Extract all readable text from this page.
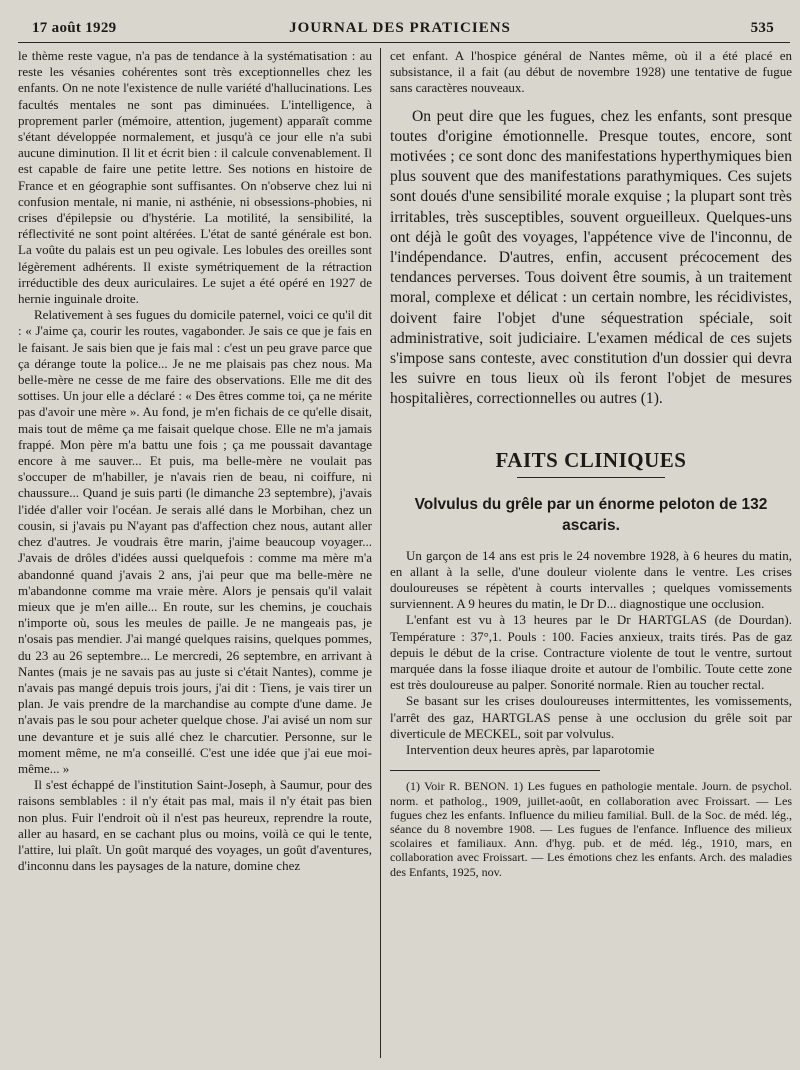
17 août 1929	JOURNAL DES PRATICIENS	535

le thème reste vague, n'a pas de tendance à la systématisation : au reste les vésanies cohérentes sont très exceptionnelles chez les enfants. On ne note l'existence de nulle variété d'hallucinations. Les facultés mentales ne sont pas diminuées. L'intelligence, à proprement parler (mémoire, attention, jugement) apparaît comme s'étant développée normalement, et jusqu'à ce jour elle n'a subi aucune diminution. Il lit et écrit bien : il calcule convenablement. Il est capable de faire une petite lettre. Ses notions en histoire de France et en géographie sont suffisantes. On n'observe chez lui ni confusion mentale, ni manie, ni asthénie, ni obsessions-phobies, ni crises d'épilepsie ou d'hystérie. La motilité, la sensibilité, la réflectivité ne sont point altérées. L'état de santé générale est bon. La voûte du palais est un peu ogivale. Les lobules des oreilles sont légèrement adhérents. Il existe symétriquement de la rétraction irréductible des deux auriculaires. Le sujet a été opéré en 1927 de hernie inguinale droite.

Relativement à ses fugues du domicile paternel, voici ce qu'il dit : « J'aime ça, courir les routes, vagabonder. Je sais ce que je fais en le faisant. Je sais bien que je fais mal : c'est un peu grave parce que ça dérange toute la police... Je ne me plaisais pas chez nous. Ma belle-mère ne cesse de me faire des observations. Elle me dit des sottises. Un jour elle a déclaré : « Des êtres comme toi, ça ne mérite pas d'avoir une mère ». Au fond, je m'en fichais de ce qu'elle disait, mais tout de même ça me faisait quelque chose. Elle ne m'a jamais frappé. Mon père m'a battu une fois ; ça me poussait davantage encore à me sauver... Et puis, ma belle-mère ne voulait pas s'occuper de m'habiller, je n'avais rien de beau, ni coiffure, ni chaussure... Quand je suis parti (le dimanche 23 septembre), j'avais l'idée d'aller voir l'océan. Je serais allé dans le Morbihan, chez un cousin, si j'avais pu N'ayant pas d'affection chez nous, autant aller chez d'autres. Je voudrais être marin, j'aime beaucoup voyager... J'avais de drôles d'idées aussi quelquefois : comme ma mère m'a abandonné quand j'avais 2 ans, j'ai peur que ma belle-mère ne m'abandonne comme ma vraie mère. Alors je pensais qu'il valait mieux que je m'en aille... En route, sur les chemins, je couchais n'importe où, sous les meules de paille. Je ne mangeais pas, je n'osais pas mendier. J'ai mangé quelques raisins, quelques pommes, du 23 au 26 septembre... Le mercredi, 26 septembre, en arrivant à Nantes (mais je ne savais pas au juste si c'était Nantes), comme je n'avais pas mangé depuis trois jours, j'ai dit : Tiens, je vais tirer un plan. Je vais prendre de la marchandise au compte d'une dame. Je n'avais pas le sou pour acheter quelque chose. J'ai avisé un nom sur une devanture et je suis allé chez le charcutier. Personne, sur le moment même, ne m'a conseillé. C'est une idée que j'ai eue moi-même... »

Il s'est échappé de l'institution Saint-Joseph, à Saumur, pour des raisons semblables : il n'y était pas mal, mais il n'y était pas bien non plus. Fuir l'endroit où il n'est pas heureux, reprendre la route, aller au hasard, en se cachant plus ou moins, voilà ce qui le tente, l'attire, lui plaît. Un goût marqué des voyages, un goût d'aventures, d'inconnu dans les paysages de la nature, domine chez

cet enfant. A l'hospice général de Nantes même, où il a été placé en subsistance, il a fait (au début de novembre 1928) une tentative de fugue sans caractères nouveaux.

On peut dire que les fugues, chez les enfants, sont presque toutes d'origine émotionnelle. Presque toutes, encore, sont motivées ; ce sont donc des manifestations hyperthymiques bien plus souvent que des manifestations parathymiques. Ces sujets sont doués d'une sensibilité morale exquise ; la plupart sont très irritables, très susceptibles, souvent orgueilleux. Quelques-uns ont déjà le goût des voyages, l'appétence vive de l'inconnu, de l'indépendance. D'autres, enfin, accusent précocement des tendances perverses. Tous doivent être soumis, à un traitement moral, complexe et délicat : un certain nombre, les récidivistes, doivent faire l'objet d'une séquestration spéciale, soit administrative, soit judiciaire. L'examen médical de ces sujets s'impose sans conteste, avec constitution d'un dossier qui devra les suivre en tous lieux où ils feront l'objet de mesures hospitalières, correctionnelles ou autres (1).

FAITS CLINIQUES
Volvulus du grêle par un énorme peloton de 132 ascaris.

Un garçon de 14 ans est pris le 24 novembre 1928, à 6 heures du matin, en allant à la selle, d'une douleur violente dans le ventre. Les crises douloureuses se répètent à courts intervalles ; quelques vomissements surviennent. A 9 heures du matin, le Dr D... diagnostique une occlusion.

L'enfant est vu à 13 heures par le Dr HARTGLAS (de Dourdan). Température : 37°,1. Pouls : 100. Facies anxieux, traits tirés. Pas de gaz depuis le début de la crise. Contracture violente de tout le ventre, surtout marquée dans la fosse iliaque droite et autour de l'ombilic. Toute cette zone est très douloureuse au palper. Sonorité normale. Rien au toucher rectal.

Se basant sur les crises douloureuses intermittentes, les vomissements, l'arrêt des gaz, HARTGLAS pense à une occlusion du grêle soit par diverticule de MECKEL, soit par volvulus.

Intervention deux heures après, par laparotomie

(1) Voir R. BENON. 1) Les fugues en pathologie mentale. Journ. de psychol. norm. et patholog., 1909, juillet-août, en collaboration avec Froissart. — Les fugues chez les enfants. Influence du milieu familial. Bull. de la Soc. de méd. lég., séance du 8 novembre 1908. — Les fugues de l'enfance. Influence des milieux scolaires et familiaux. Ann. d'hyg. pub. et de méd. lég., 1910, mars, en collaboration avec Froissart. — Les émotions chez les enfants. Arch. des maladies des Enfants, 1925, nov.
